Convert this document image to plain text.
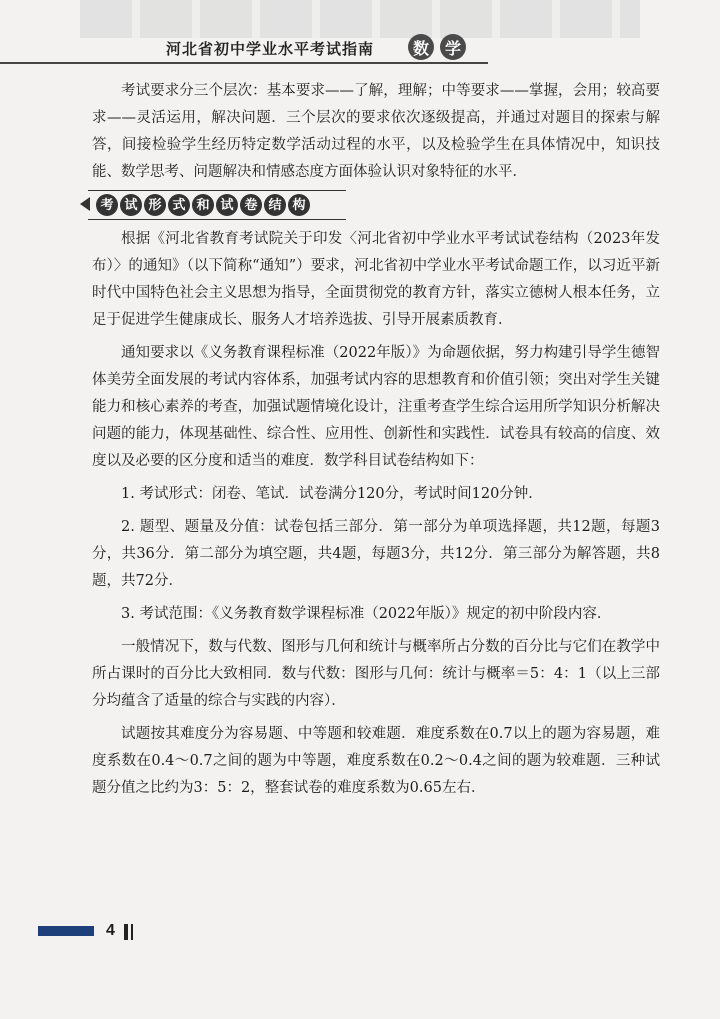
河北省初中学业水平考试指南	数 学

考试要求分三个层次：基本要求——了解，理解；中等要求——掌握，会用；较高要求——灵活运用，解决问题．三个层次的要求依次逐级提高，并通过对题目的探索与解答，间接检验学生经历特定数学活动过程的水平，以及检验学生在具体情况中，知识技能、数学思考、问题解决和情感态度方面体验认识对象特征的水平．

考 试 形 式 和 试 卷 结 构

根据《河北省教育考试院关于印发〈河北省初中学业水平考试试卷结构（2023年发布）〉的通知》（以下简称“通知”）要求，河北省初中学业水平考试命题工作，以习近平新时代中国特色社会主义思想为指导，全面贯彻党的教育方针，落实立德树人根本任务，立足于促进学生健康成长、服务人才培养选拔、引导开展素质教育．

通知要求以《义务教育课程标准（2022年版）》为命题依据，努力构建引导学生德智体美劳全面发展的考试内容体系，加强考试内容的思想教育和价值引领；突出对学生关键能力和核心素养的考查，加强试题情境化设计，注重考查学生综合运用所学知识分析解决问题的能力，体现基础性、综合性、应用性、创新性和实践性．试卷具有较高的信度、效度以及必要的区分度和适当的难度．数学科目试卷结构如下：

1. 考试形式：闭卷、笔试．试卷满分120分，考试时间120分钟．

2. 题型、题量及分值：试卷包括三部分．第一部分为单项选择题，共12题，每题3分，共36分．第二部分为填空题，共4题，每题3分，共12分．第三部分为解答题，共8题，共72分．

3. 考试范围：《义务教育数学课程标准（2022年版）》规定的初中阶段内容．

一般情况下，数与代数、图形与几何和统计与概率所占分数的百分比与它们在教学中所占课时的百分比大致相同．数与代数：图形与几何：统计与概率＝5：4：1（以上三部分均蕴含了适量的综合与实践的内容）．

试题按其难度分为容易题、中等题和较难题．难度系数在0.7以上的题为容易题，难度系数在0.4～0.7之间的题为中等题，难度系数在0.2～0.4之间的题为较难题．三种试题分值之比约为3：5：2，整套试卷的难度系数为0.65左右．

4
